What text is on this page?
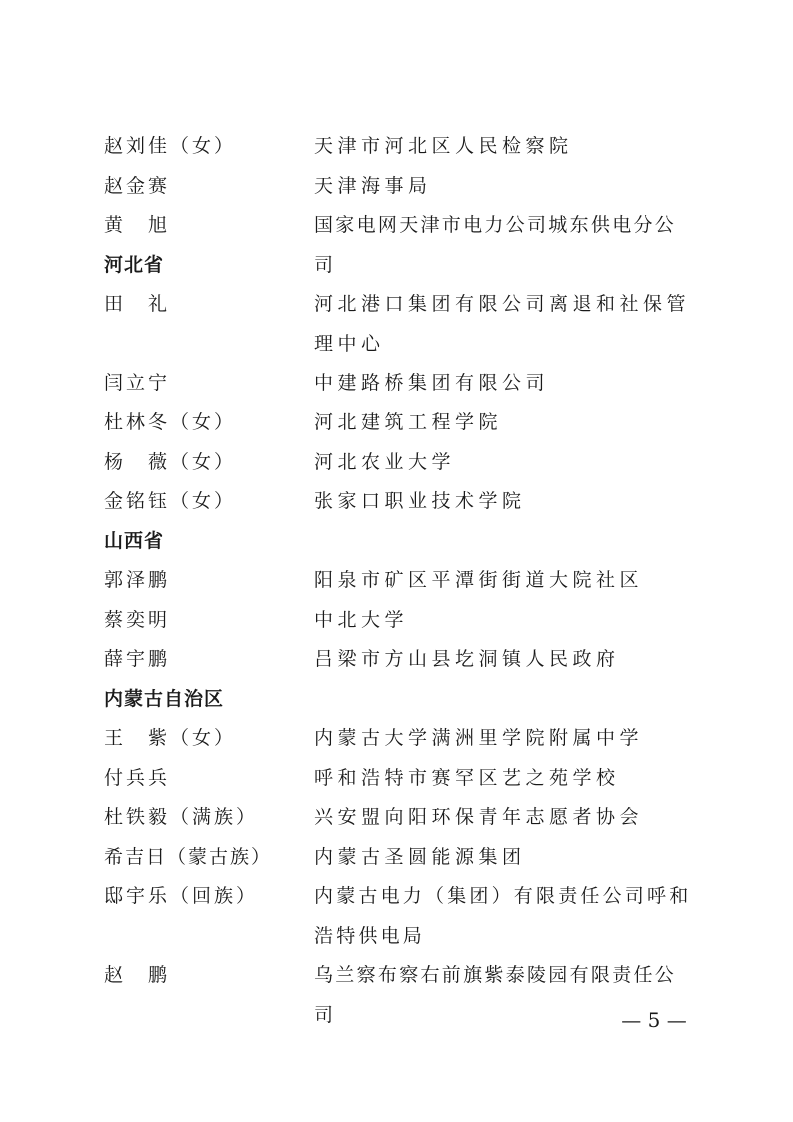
赵刘佳（女）	天津市河北区人民检察院
赵金赛	天津海事局
黄　旭	国家电网天津市电力公司城东供电分公司
河北省
田　礼	河北港口集团有限公司离退和社保管理中心
闫立宁	中建路桥集团有限公司
杜林冬（女）	河北建筑工程学院
杨　薇（女）	河北农业大学
金铭钰（女）	张家口职业技术学院
山西省
郭泽鹏	阳泉市矿区平潭街街道大院社区
蔡奕明	中北大学
薛宇鹏	吕梁市方山县圪洞镇人民政府
内蒙古自治区
王　紫（女）	内蒙古大学满洲里学院附属中学
付兵兵	呼和浩特市赛罕区艺之苑学校
杜铁毅（满族）	兴安盟向阳环保青年志愿者协会
希吉日（蒙古族） 内蒙古圣圆能源集团
邸宇乐（回族）	内蒙古电力（集团）有限责任公司呼和浩特供电局
赵　鹏	乌兰察布察右前旗紫泰陵园有限责任公司	— 5 —
